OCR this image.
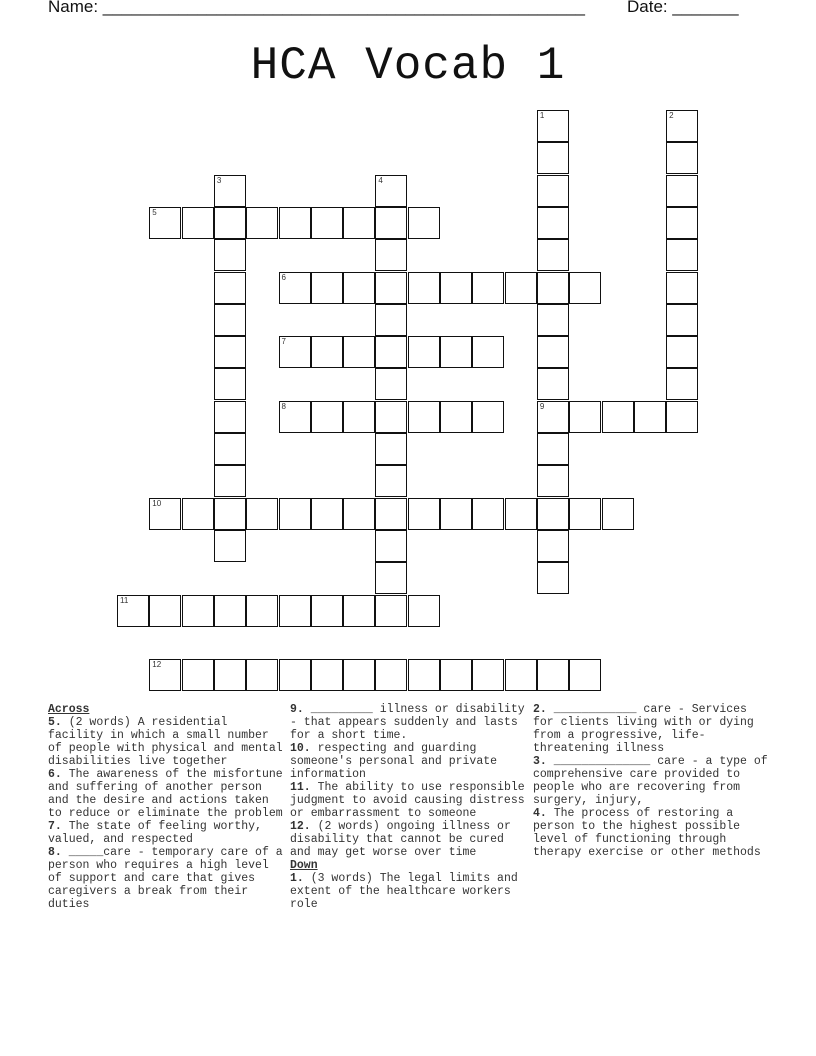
Name: ___________________________________________________ Date: _______
HCA Vocab 1
5
6
7
8	9
10
11
12
1	2
3	4
Across
5. (2 words) A residential facility in which a small number of people with physical and mental disabilities live together
6. The awareness of the misfortune and suffering of another person and the desire and actions taken to reduce or eliminate the problem
7. The state of feeling worthy, valued, and respected
8. _____care - temporary care of a person who requires a high level of support and care that gives caregivers a break from their duties
9. _________ illness or disability - that appears suddenly and lasts for a short time.
10. respecting and guarding someone's personal and private information
11. The ability to use responsible judgment to avoid causing distress or embarrassment to someone
12. (2 words) ongoing illness or disability that cannot be cured and may get worse over time
Down
1. (3 words) The legal limits and extent of the healthcare workers role
2. ____________ care - Services for clients living with or dying from a progressive, life-threatening illness
3. ______________ care - a type of comprehensive care provided to people who are recovering from surgery, injury,
4. The process of restoring a person to the highest possible level of functioning through therapy exercise or other methods
